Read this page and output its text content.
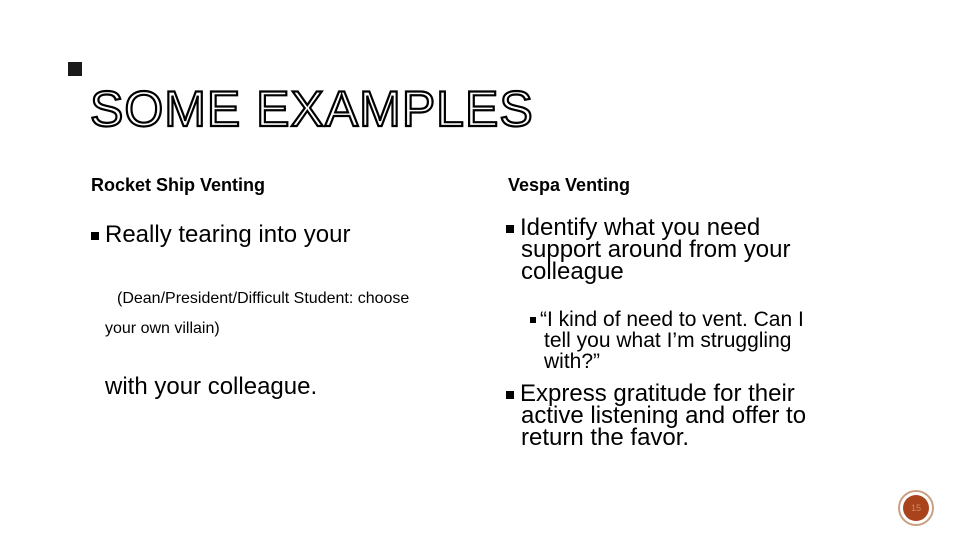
SOME EXAMPLES
Rocket Ship Venting
Really tearing into your
(Dean/President/Difficult Student: choose
your own villain)
with your colleague.
Vespa Venting
Identify what you need
support around from your
colleague
“I kind of need to vent. Can I
tell you what I’m struggling
with?”
Express gratitude for their
active listening and offer to
return the favor.
15
